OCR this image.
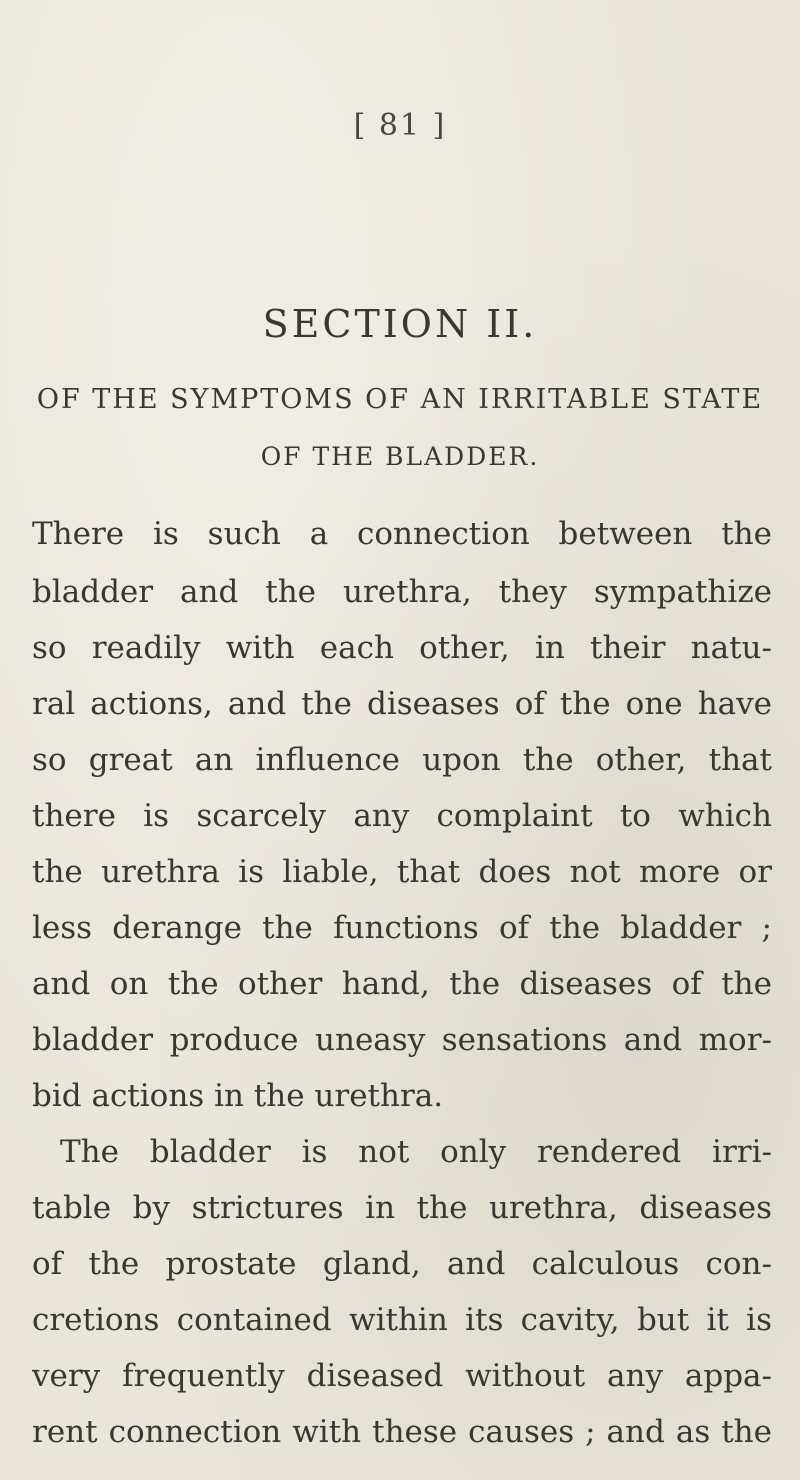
[ 81 ]
SECTION II.
OF THE SYMPTOMS OF AN IRRITABLE STATE
OF THE BLADDER.
There is such a connection between the
bladder and the urethra, they sympathize
so readily with each other, in their natu-
ral actions, and the diseases of the one have
so great an influence upon the other, that
there is scarcely any complaint to which
the urethra is liable, that does not more or
less derange the functions of the bladder ;
and on the other hand, the diseases of the
bladder produce uneasy sensations and mor-
bid actions in the urethra.
The bladder is not only rendered irri-
table by strictures in the urethra, diseases
of the prostate gland, and calculous con-
cretions contained within its cavity, but it is
very frequently diseased without any appa-
rent connection with these causes ; and as the
